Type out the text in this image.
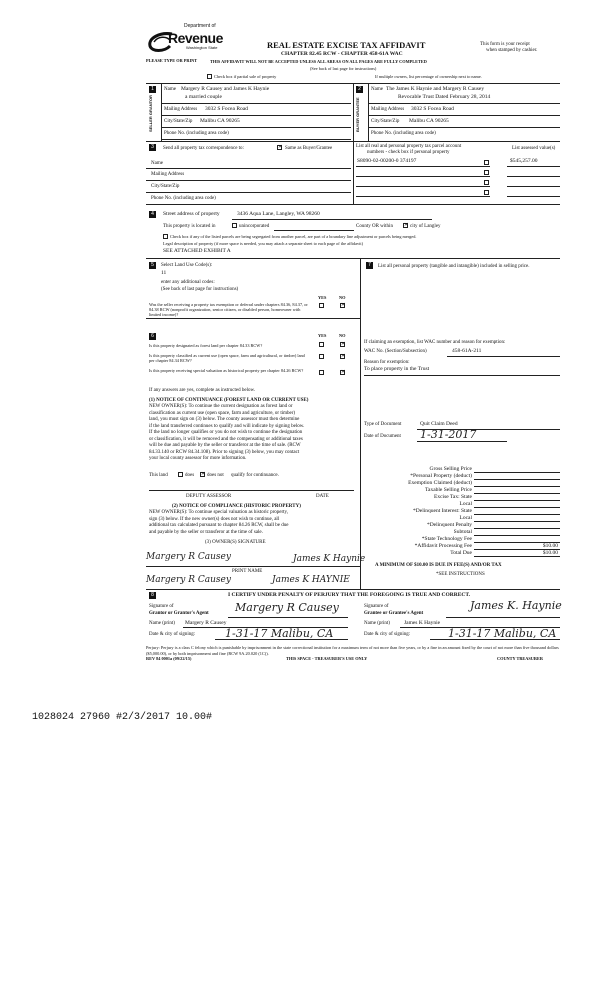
Department of
Revenue
Washington State
PLEASE TYPE OR PRINT
REAL ESTATE EXCISE TAX AFFIDAVIT
CHAPTER 82.45 RCW - CHAPTER 458-61A WAC
This form is your receipt
when stamped by cashier.
THIS AFFIDAVIT WILL NOT BE ACCEPTED UNLESS ALL AREAS ON ALL PAGES ARE FULLY COMPLETED
(See back of last page for instructions)
Check box if partial sale of property	If multiple owners, list percentage of ownership next to name.
1
SELLER GRANTOR
Name Margery R Causey and James K Haynie
a married couple
Mailing Address 3032 S Focea Road
City/State/Zip Malibu CA 90265
Phone No. (including area code)
2
BUYER GRANTEE
Name The James K Haynie and Margery R Causey
Revocable Trust Dated February 28, 2014
Mailing Address 3032 S Focea Road
City/State/Zip Malibu CA 90265
Phone No. (including area code)
3	Send all property tax correspondence to:	✕ Same as Buyer/Grantee	List all real and personal property tax parcel account
numbers - check box if personal property
List assessed value(s)
S8090-02-00200-0 374197	$545,257.00
Name
Mailing Address
City/State/Zip
Phone No. (including area code)
4	Street address of property	3436 Aqua Lane, Langley, WA 98260
This property is located in	unincorporated	County OR within ✕ city of Langley
Check box if any of the listed parcels are being segregated from another parcel, are part of a boundary line adjustment or parcels being merged.
Legal description of property (if more space is needed, you may attach a separate sheet to each page of the affidavit)
SEE ATTACHED EXHIBIT A
5	Select Land Use Code(s):
11
enter any additional codes:
(See back of last page for instructions)
YES	NO
Was the seller receiving a property tax exemption or deferral under chapters 84.36, 84.37, or 84.38 RCW (nonprofit organization, senior citizen, or disabled person, homeowner with limited income)?
✕
7	List all personal property (tangible and intangible) included in selling price.
6	YES	NO
Is this property designated as forest land per chapter 84.33 RCW?	✕
Is this property classified as current use (open space, farm and agricultural, or timber) land per chapter 84.34 RCW?
✕
Is this property receiving special valuation as historical property per chapter 84.26 RCW?	✕
If any answers are yes, complete as instructed below.
(1) NOTICE OF CONTINUANCE (FOREST LAND OR CURRENT USE)
NEW OWNER(S): To continue the current designation as forest land or
classification as current use (open space, farm and agriculture, or timber)
land, you must sign on (3) below. The county assessor must then determine
if the land transferred continues to qualify and will indicate by signing below.
If the land no longer qualifies or you do not wish to continue the designation
or classification, it will be removed and the compensating or additional taxes
will be due and payable by the seller or transferor at the time of sale. (RCW
84.33.140 or RCW 84.34.108). Prior to signing (3) below, you may contact
your local county assessor for more information.
This land	does ✕ does not qualify for continuance.
DEPUTY ASSESSOR	DATE
(2) NOTICE OF COMPLIANCE (HISTORIC PROPERTY)
NEW OWNER(S): To continue special valuation as historic property,
sign (3) below. If the new owner(s) does not wish to continue, all
additional tax calculated pursuant to chapter 84.26 RCW, shall be due
and payable by the seller or transferor at the time of sale.
(3) OWNER(S) SIGNATURE
Margery R Causey	James K Haynie
PRINT NAME
Margery R Causey	James K HAYNIE
If claiming an exemption, list WAC number and reason for exemption:
WAC No. (Section/Subsection)	458-61A-211
Reason for exemption:
To place property in the Trust
Type of Document	Quit Claim Deed
Date of Document 1-31-2017
Gross Selling Price
*Personal Property (deduct)
Exemption Claimed (deduct)
Taxable Selling Price
Excise Tax: State
Local
*Delinquent Interest: State
Local
*Delinquent Penalty
Subtotal
*State Technology Fee
*Affidavit Processing Fee	$10.00
Total Due	$10.00
A MINIMUM OF $10.00 IS DUE IN FEE(S) AND/OR TAX
*SEE INSTRUCTIONS
8	I CERTIFY UNDER PENALTY OF PERJURY THAT THE FOREGOING IS TRUE AND CORRECT.
Signature of
Grantor or Grantor's Agent Margery R Causey
Name (print) Margery R Causey
Date & city of signing:	1-31-17 Malibu, CA
Signature of
Grantee or Grantee's Agent
James K. Haynie
Name (print)	James K Haynie
Date & city of signing:	1-31-17 Malibu, CA
Perjury: Perjury is a class C felony which is punishable by imprisonment in the state correctional institution for a maximum term of not more than five years, or by a fine in an amount fixed by the court of not more than five thousand dollars ($5,000.00), or by both imprisonment and fine (RCW 9A.20.020 (1C)).
REV 84 0001a (09/22/15)	THIS SPACE - TREASURER'S USE ONLY	COUNTY TREASURER
1028024 27960 #2/3/2017 10.00#
